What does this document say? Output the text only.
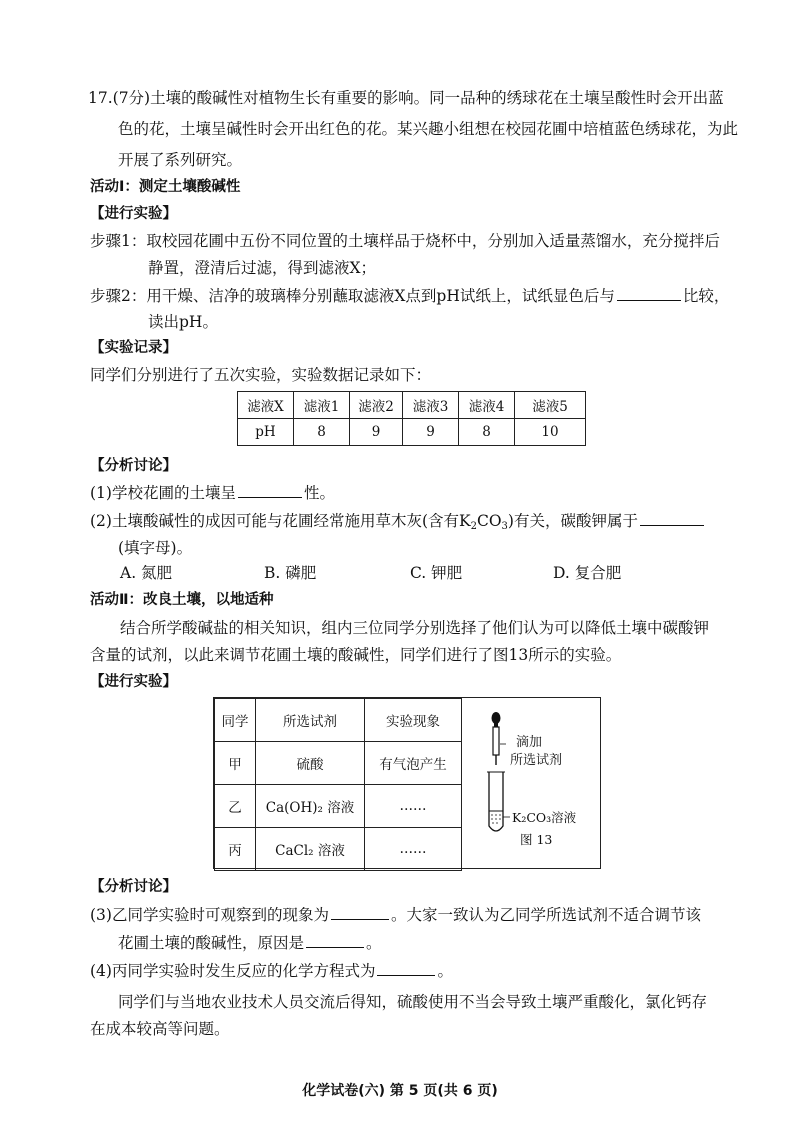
17.(7分)土壤的酸碱性对植物生长有重要的影响。同一品种的绣球花在土壤呈酸性时会开出蓝
色的花，土壤呈碱性时会开出红色的花。某兴趣小组想在校园花圃中培植蓝色绣球花，为此
开展了系列研究。
活动Ⅰ：测定土壤酸碱性
【进行实验】
步骤1：取校园花圃中五份不同位置的土壤样品于烧杯中，分别加入适量蒸馏水，充分搅拌后
静置，澄清后过滤，得到滤液X；
步骤2：用干燥、洁净的玻璃棒分别蘸取滤液X点到pH试纸上，试纸显色后与	比较，
读出pH。
【实验记录】
同学们分别进行了五次实验，实验数据记录如下：
滤液X	滤液1	滤液2	滤液3	滤液4	滤液5
pH	8	9	9	8	10
【分析讨论】
(1)学校花圃的土壤呈	性。
(2)土壤酸碱性的成因可能与花圃经常施用草木灰(含有$K_2CO_3$)有关，碳酸钾属于
(填字母)。
A. 氮肥	B. 磷肥	C. 钾肥	D. 复合肥
活动Ⅱ：改良土壤，以地适种
结合所学酸碱盐的相关知识，组内三位同学分别选择了他们认为可以降低土壤中碳酸钾
含量的试剂，以此来调节花圃土壤的酸碱性，同学们进行了图13所示的实验。
【进行实验】
同学	所选试剂	实验现象
甲	硫酸	有气泡产生
乙	Ca(OH)₂ 溶液	……
丙	CaCl₂ 溶液	……
滴加
所选试剂
K₂CO₃溶液
图 13
【分析讨论】
(3)乙同学实验时可观察到的现象为	。大家一致认为乙同学所选试剂不适合调节该
花圃土壤的酸碱性，原因是	。
(4)丙同学实验时发生反应的化学方程式为	。
同学们与当地农业技术人员交流后得知，硫酸使用不当会导致土壤严重酸化，氯化钙存
在成本较高等问题。
化学试卷(六) 第 5 页(共 6 页)
